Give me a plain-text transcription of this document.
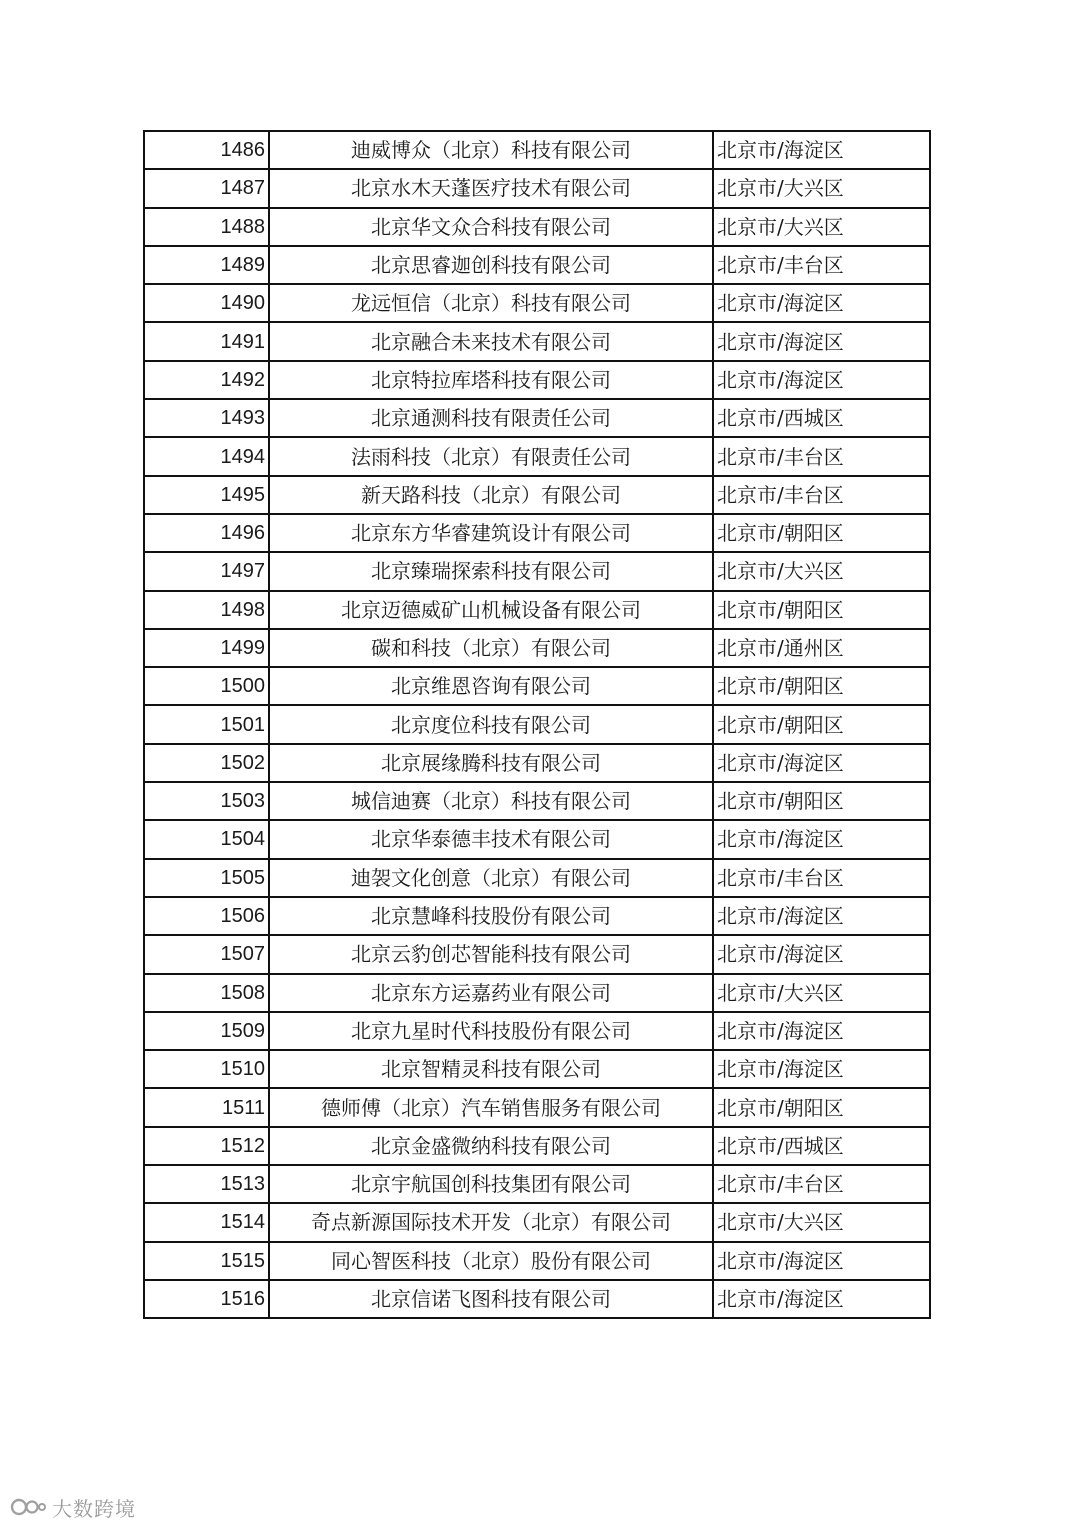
1486	迪威博众（北京）科技有限公司	北京市/海淀区
1487	北京水木天蓬医疗技术有限公司	北京市/大兴区
1488	北京华文众合科技有限公司	北京市/大兴区
1489	北京思睿迦创科技有限公司	北京市/丰台区
1490	龙远恒信（北京）科技有限公司	北京市/海淀区
1491	北京融合未来技术有限公司	北京市/海淀区
1492	北京特拉库塔科技有限公司	北京市/海淀区
1493	北京通测科技有限责任公司	北京市/西城区
1494	法雨科技（北京）有限责任公司	北京市/丰台区
1495	新天路科技（北京）有限公司	北京市/丰台区
1496	北京东方华睿建筑设计有限公司	北京市/朝阳区
1497	北京臻瑞探索科技有限公司	北京市/大兴区
1498	北京迈德威矿山机械设备有限公司	北京市/朝阳区
1499	碳和科技（北京）有限公司	北京市/通州区
1500	北京维恩咨询有限公司	北京市/朝阳区
1501	北京度位科技有限公司	北京市/朝阳区
1502	北京展缘腾科技有限公司	北京市/海淀区
1503	城信迪赛（北京）科技有限公司	北京市/朝阳区
1504	北京华泰德丰技术有限公司	北京市/海淀区
1505	迪袈文化创意（北京）有限公司	北京市/丰台区
1506	北京慧峰科技股份有限公司	北京市/海淀区
1507	北京云豹创芯智能科技有限公司	北京市/海淀区
1508	北京东方运嘉药业有限公司	北京市/大兴区
1509	北京九星时代科技股份有限公司	北京市/海淀区
1510	北京智精灵科技有限公司	北京市/海淀区
1511	德师傅（北京）汽车销售服务有限公司	北京市/朝阳区
1512	北京金盛微纳科技有限公司	北京市/西城区
1513	北京宇航国创科技集团有限公司	北京市/丰台区
1514	奇点新源国际技术开发（北京）有限公司	北京市/大兴区
1515	同心智医科技（北京）股份有限公司	北京市/海淀区
1516	北京信诺飞图科技有限公司	北京市/海淀区
大数跨境
